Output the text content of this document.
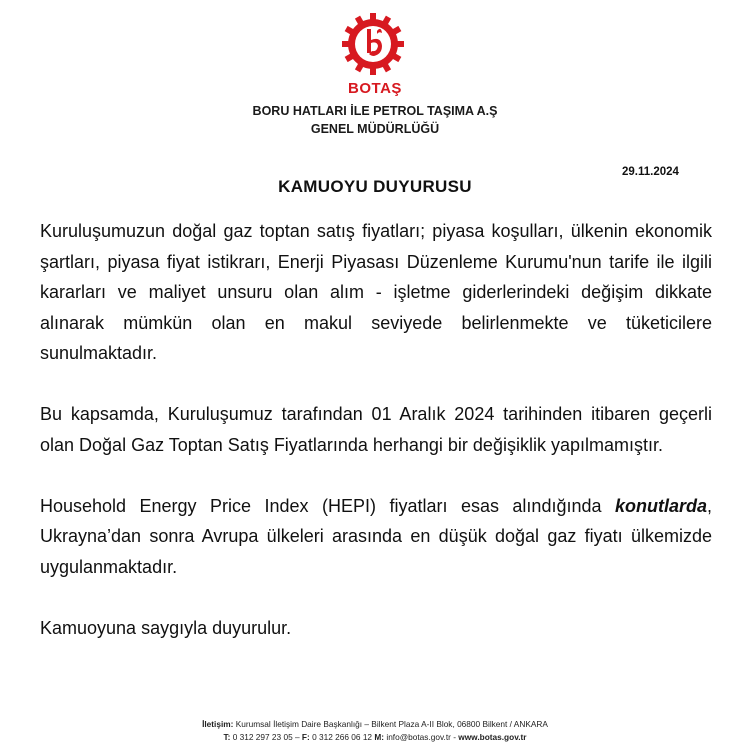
BOTAŞ
BORU HATLARI İLE PETROL TAŞIMA A.Ş
GENEL MÜDÜRLÜĞÜ
29.11.2024
KAMUOYU DUYURUSU

Kuruluşumuzun doğal gaz toptan satış fiyatları; piyasa koşulları, ülkenin ekonomik şartları, piyasa fiyat istikrarı, Enerji Piyasası Düzenleme Kurumu'nun tarife ile ilgili kararları ve maliyet unsuru olan alım - işletme giderlerindeki değişim dikkate alınarak mümkün olan en makul seviyede belirlenmekte ve tüketicilere sunulmaktadır.

Bu kapsamda, Kuruluşumuz tarafından 01 Aralık 2024 tarihinden itibaren geçerli olan Doğal Gaz Toptan Satış Fiyatlarında herhangi bir değişiklik yapılmamıştır.

Household Energy Price Index (HEPI) fiyatları esas alındığında konutlarda, Ukrayna’dan sonra Avrupa ülkeleri arasında en düşük doğal gaz fiyatı ülkemizde uygulanmaktadır.

Kamuoyuna saygıyla duyurulur.

İletişim: Kurumsal İletişim Daire Başkanlığı – Bilkent Plaza A-II Blok, 06800 Bilkent / ANKARA
T: 0 312 297 23 05 – F: 0 312 266 06 12 M: info@botas.gov.tr - www.botas.gov.tr
